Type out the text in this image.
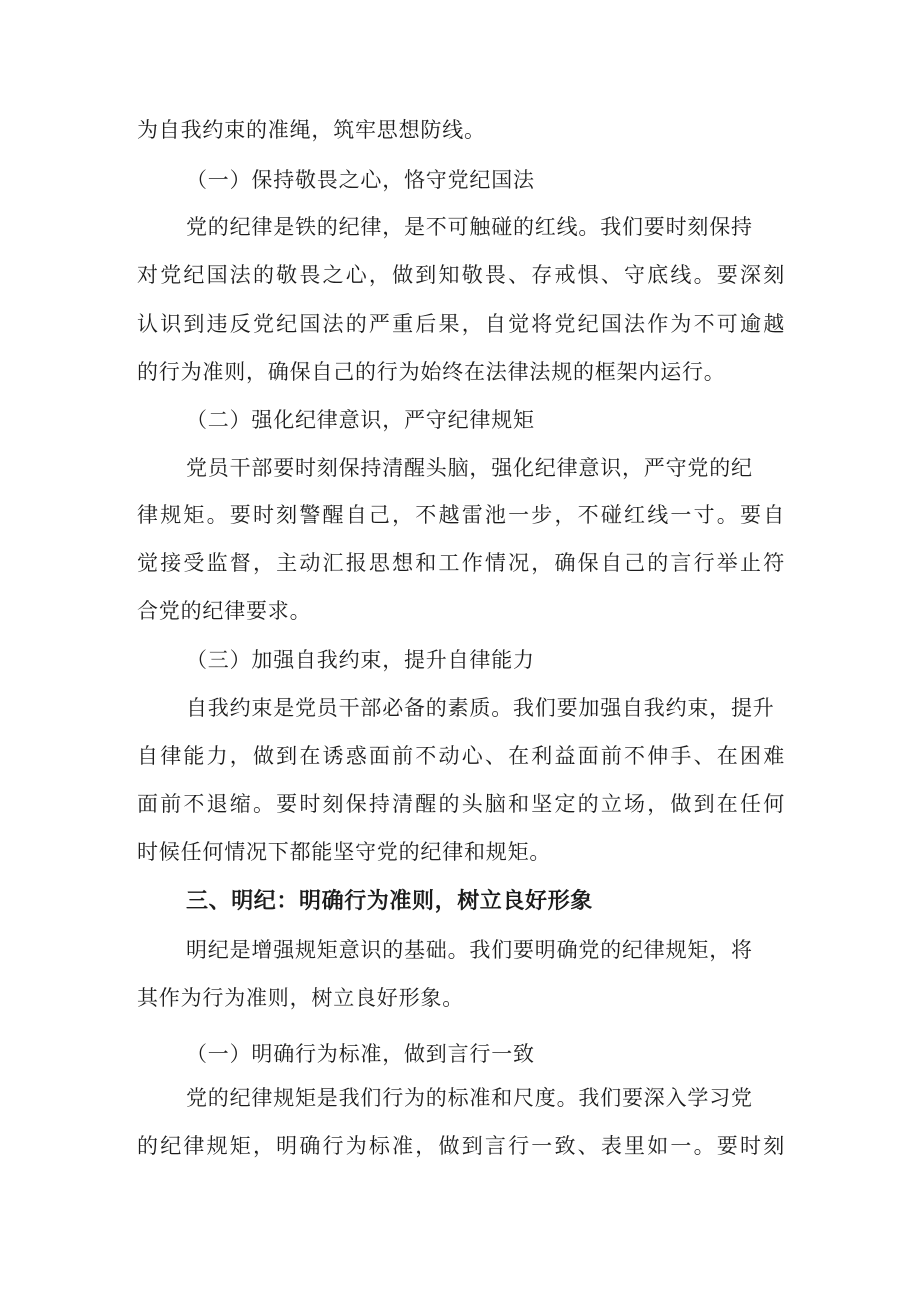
为自我约束的准绳，筑牢思想防线。
（一）保持敬畏之心，恪守党纪国法
党的纪律是铁的纪律，是不可触碰的红线。我们要时刻保持
对党纪国法的敬畏之心，做到知敬畏、存戒惧、守底线。要深刻
认识到违反党纪国法的严重后果，自觉将党纪国法作为不可逾越
的行为准则，确保自己的行为始终在法律法规的框架内运行。
（二）强化纪律意识，严守纪律规矩
党员干部要时刻保持清醒头脑，强化纪律意识，严守党的纪
律规矩。要时刻警醒自己，不越雷池一步，不碰红线一寸。要自
觉接受监督，主动汇报思想和工作情况，确保自己的言行举止符
合党的纪律要求。
（三）加强自我约束，提升自律能力
自我约束是党员干部必备的素质。我们要加强自我约束，提升
自律能力，做到在诱惑面前不动心、在利益面前不伸手、在困难
面前不退缩。要时刻保持清醒的头脑和坚定的立场，做到在任何
时候任何情况下都能坚守党的纪律和规矩。
三、明纪：明确行为准则，树立良好形象
明纪是增强规矩意识的基础。我们要明确党的纪律规矩，将
其作为行为准则，树立良好形象。
（一）明确行为标准，做到言行一致
党的纪律规矩是我们行为的标准和尺度。我们要深入学习党
的纪律规矩，明确行为标准，做到言行一致、表里如一。要时刻
